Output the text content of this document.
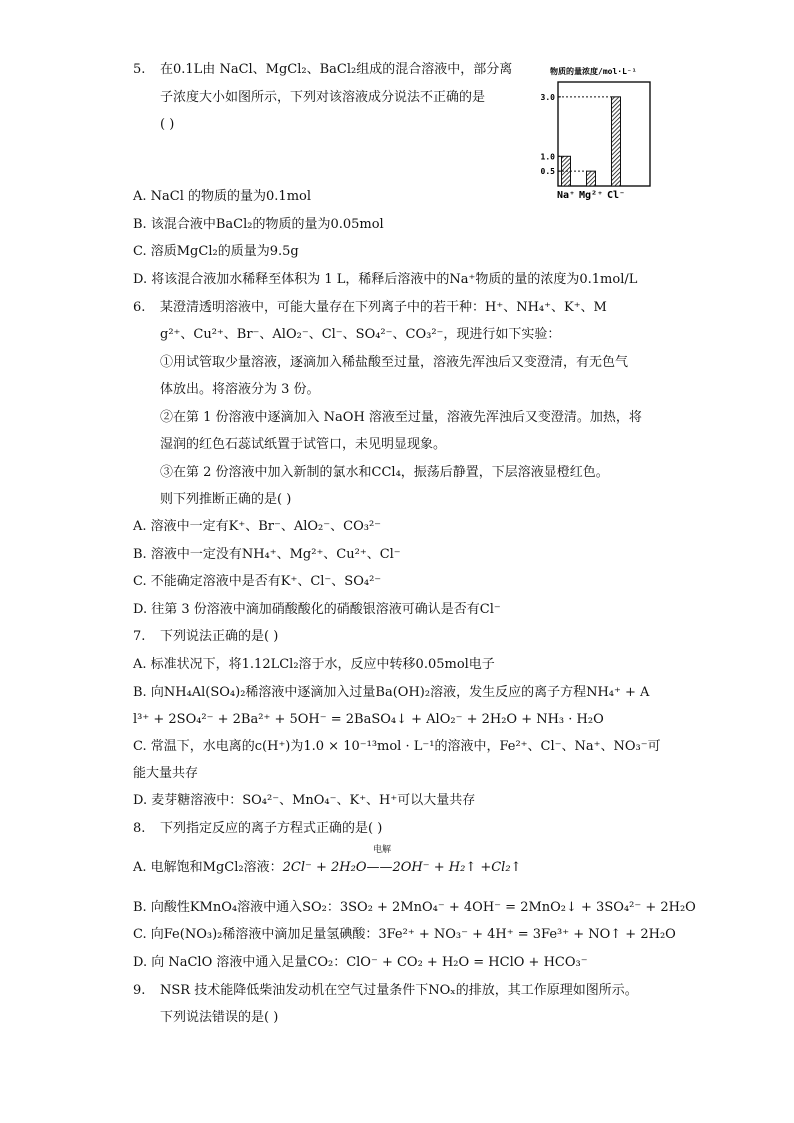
5. 在0.1L由 NaCl、MgCl₂、BaCl₂组成的混合溶液中，部分离
子浓度大小如图所示，下列对该溶液成分说法不正确的是
( )
物质的量浓度/mol·L⁻¹
3.0
1.0
0.5
Na⁺ Mg²⁺ Cl⁻
A. NaCl 的物质的量为0.1mol
B. 该混合液中BaCl₂的物质的量为0.05mol
C. 溶质MgCl₂的质量为9.5g
D. 将该混合液加水稀释至体积为 1 L，稀释后溶液中的Na⁺物质的量的浓度为0.1mol/L
6. 某澄清透明溶液中，可能大量存在下列离子中的若干种：H⁺、NH₄⁺、K⁺、M
g²⁺、Cu²⁺、Br⁻、AlO₂⁻、Cl⁻、SO₄²⁻、CO₃²⁻，现进行如下实验：
①用试管取少量溶液，逐滴加入稀盐酸至过量，溶液先浑浊后又变澄清，有无色气
体放出。将溶液分为 3 份。
②在第 1 份溶液中逐滴加入 NaOH 溶液至过量，溶液先浑浊后又变澄清。加热，将
湿润的红色石蕊试纸置于试管口，未见明显现象。
③在第 2 份溶液中加入新制的氯水和CCl₄，振荡后静置，下层溶液显橙红色。
则下列推断正确的是( )
A. 溶液中一定有K⁺、Br⁻、AlO₂⁻、CO₃²⁻
B. 溶液中一定没有NH₄⁺、Mg²⁺、Cu²⁺、Cl⁻
C. 不能确定溶液中是否有K⁺、Cl⁻、SO₄²⁻
D. 往第 3 份溶液中滴加硝酸酸化的硝酸银溶液可确认是否有Cl⁻
7. 下列说法正确的是( )
A. 标准状况下，将1.12LCl₂溶于水，反应中转移0.05mol电子
B. 向NH₄Al(SO₄)₂稀溶液中逐滴加入过量Ba(OH)₂溶液，发生反应的离子方程NH₄⁺ + A
l³⁺ + 2SO₄²⁻ + 2Ba²⁺ + 5OH⁻ = 2BaSO₄↓ + AlO₂⁻ + 2H₂O + NH₃ · H₂O
C. 常温下，水电离的c(H⁺)为1.0 × 10⁻¹³mol · L⁻¹的溶液中，Fe²⁺、Cl⁻、Na⁺、NO₃⁻可
能大量共存
D. 麦芽糖溶液中：SO₄²⁻、MnO₄⁻、K⁺、H⁺可以大量共存
8. 下列指定反应的离子方程式正确的是( )
电解
A. 电解饱和MgCl₂溶液：2Cl⁻ + 2H₂O——2OH⁻ + H₂↑ +Cl₂↑
B. 向酸性KMnO₄溶液中通入SO₂：3SO₂ + 2MnO₄⁻ + 4OH⁻ = 2MnO₂↓ + 3SO₄²⁻ + 2H₂O
C. 向Fe(NO₃)₂稀溶液中滴加足量氢碘酸：3Fe²⁺ + NO₃⁻ + 4H⁺ = 3Fe³⁺ + NO↑ + 2H₂O
D. 向 NaClO 溶液中通入足量CO₂：ClO⁻ + CO₂ + H₂O = HClO + HCO₃⁻
9. NSR 技术能降低柴油发动机在空气过量条件下NOₓ的排放，其工作原理如图所示。
下列说法错误的是( )
